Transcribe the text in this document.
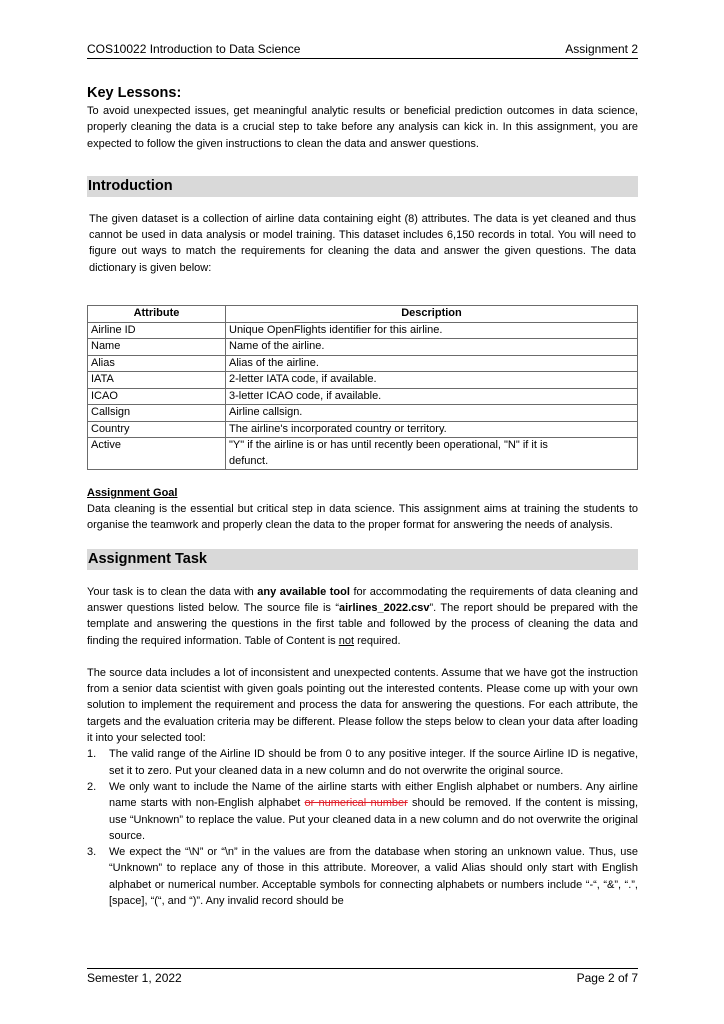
COS10022 Introduction to Data Science	Assignment 2
Key Lessons:

To avoid unexpected issues, get meaningful analytic results or beneficial prediction outcomes in data science, properly cleaning the data is a crucial step to take before any analysis can kick in. In this assignment, you are expected to follow the given instructions to clean the data and answer questions.

Introduction

The given dataset is a collection of airline data containing eight (8) attributes. The data is yet cleaned and thus cannot be used in data analysis or model training. This dataset includes 6,150 records in total. You will need to figure out ways to match the requirements for cleaning the data and answer the given questions. The data dictionary is given below:

Attribute	Description
Airline ID	Unique OpenFlights identifier for this airline.
Name	Name of the airline.
Alias	Alias of the airline.
IATA	2-letter IATA code, if available.
ICAO	3-letter ICAO code, if available.
Callsign	Airline callsign.
Country	The airline's incorporated country or territory.
Active	"Y" if the airline is or has until recently been operational, "N" if it is defunct.
Assignment Goal

Data cleaning is the essential but critical step in data science. This assignment aims at training the students to organise the teamwork and properly clean the data to the proper format for answering the needs of analysis.

Assignment Task

Your task is to clean the data with any available tool for accommodating the requirements of data cleaning and answer questions listed below. The source file is “airlines_2022.csv”. The report should be prepared with the template and answering the questions in the first table and followed by the process of cleaning the data and finding the required information. Table of Content is not required.

The source data includes a lot of inconsistent and unexpected contents. Assume that we have got the instruction from a senior data scientist with given goals pointing out the interested contents. Please come up with your own solution to implement the requirement and process the data for answering the questions. For each attribute, the targets and the evaluation criteria may be different. Please follow the steps below to clean your data after loading it into your selected tool:

1. The valid range of the Airline ID should be from 0 to any positive integer. If the source Airline ID is negative, set it to zero. Put your cleaned data in a new column and do not overwrite the original source.
2. We only want to include the Name of the airline starts with either English alphabet or numbers. Any airline name starts with non-English alphabet or numerical number should be removed. If the content is missing, use “Unknown” to replace the value. Put your cleaned data in a new column and do not overwrite the original source.
3. We expect the “\N” or “\n” in the values are from the database when storing an unknown value. Thus, use “Unknown” to replace any of those in this attribute. Moreover, a valid Alias should only start with English alphabet or numerical number. Acceptable symbols for connecting alphabets or numbers include “-“, “&”, “.”, [space], “(“, and “)”. Any invalid record should be
Semester 1, 2022	Page 2 of 7
